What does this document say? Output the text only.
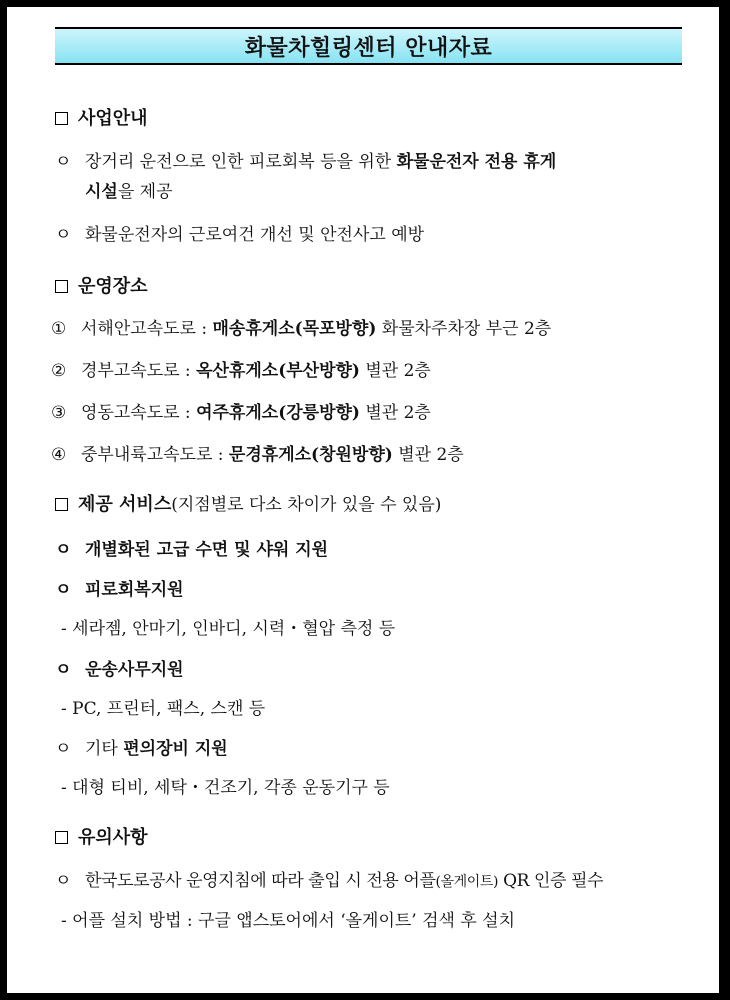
화물차힐링센터 안내자료
사업안내
ㅇ 장거리 운전으로 인한 피로회복 등을 위한 화물운전자 전용 휴게
시설을 제공
ㅇ 화물운전자의 근로여건 개선 및 안전사고 예방
운영장소
① 서해안고속도로 : 매송휴게소(목포방향) 화물차주차장 부근 2층
② 경부고속도로 : 옥산휴게소(부산방향) 별관 2층
③ 영동고속도로 : 여주휴게소(강릉방향) 별관 2층
④ 중부내륙고속도로 : 문경휴게소(창원방향) 별관 2층
제공 서비스(지점별로 다소 차이가 있을 수 있음)
ㅇ 개별화된 고급 수면 및 샤워 지원
ㅇ 피로회복지원
- 세라젬, 안마기, 인바디, 시력・혈압 측정 등
ㅇ 운송사무지원
- PC, 프린터, 팩스, 스캔 등
ㅇ 기타 편의장비 지원
- 대형 티비, 세탁・건조기, 각종 운동기구 등
유의사항
ㅇ 한국도로공사 운영지침에 따라 출입 시 전용 어플(올게이트) QR 인증 필수
- 어플 설치 방법 : 구글 앱스토어에서 ‘올게이트’ 검색 후 설치
